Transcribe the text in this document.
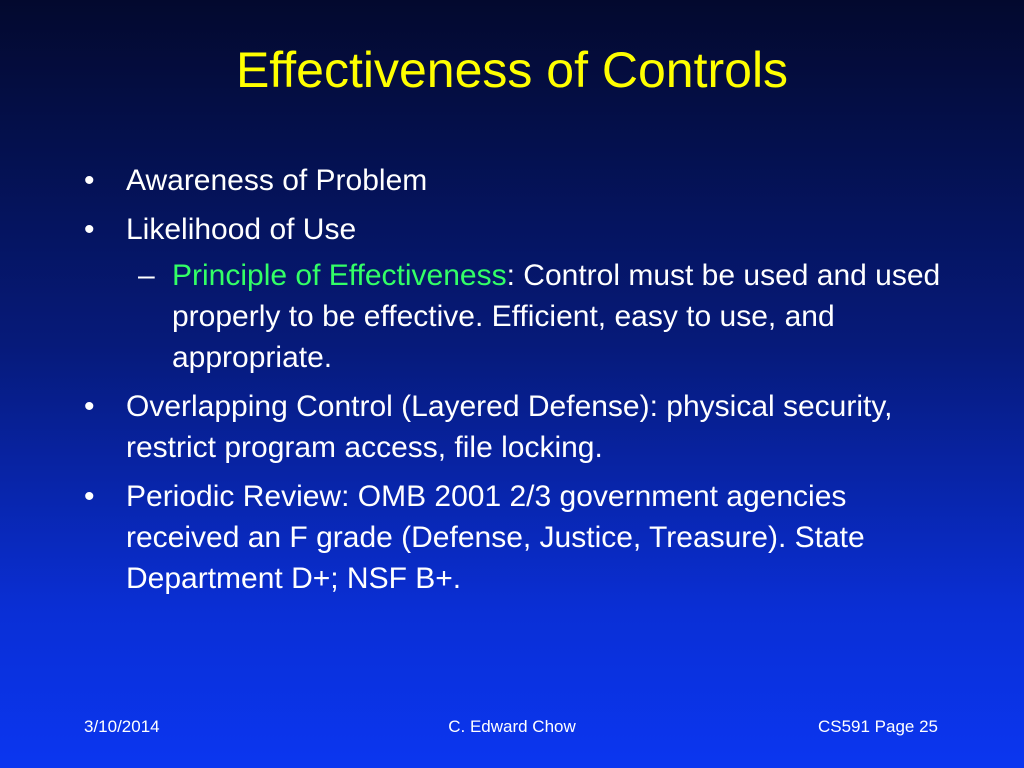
Effectiveness of Controls
•	Awareness of Problem
•	Likelihood of Use
– Principle of Effectiveness: Control must be used and used properly to be effective. Efficient, easy to use, and appropriate.
•	Overlapping Control (Layered Defense): physical security, restrict program access, file locking.
•	Periodic Review: OMB 2001 2/3 government agencies received an F grade (Defense, Justice, Treasure). State Department D+; NSF B+.
3/10/2014	C. Edward Chow	CS591 Page 25
